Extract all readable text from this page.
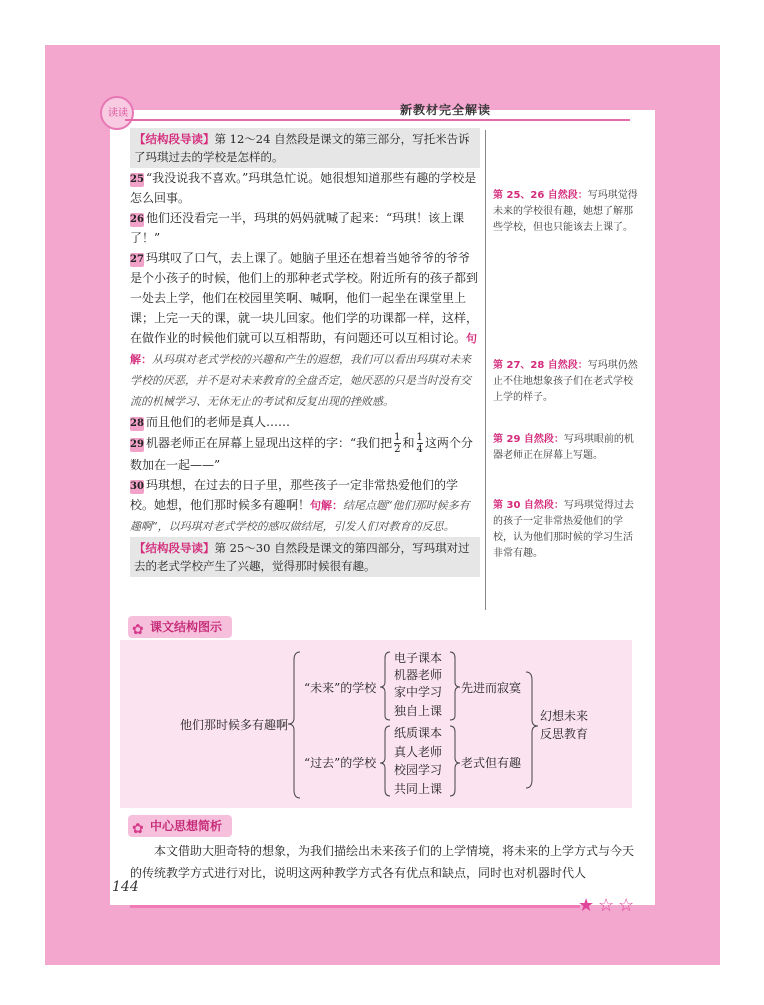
读读	新教材完全解读

【结构段导读】第 12～24 自然段是课文的第三部分，写托米告诉了玛琪过去的学校是怎样的。

25 “我没说我不喜欢。”玛琪急忙说。她很想知道那些有趣的学校是怎么回事。

26 他们还没看完一半，玛琪的妈妈就喊了起来：“玛琪！该上课了！”

27 玛琪叹了口气，去上课了。她脑子里还在想着当她爷爷的爷爷是个小孩子的时候，他们上的那种老式学校。附近所有的孩子都到一处去上学，他们在校园里笑啊、喊啊，他们一起坐在课堂里上课；上完一天的课，就一块儿回家。他们学的功课都一样，这样，在做作业的时候他们就可以互相帮助，有问题还可以互相讨论。句解：从玛琪对老式学校的兴趣和产生的遐想，我们可以看出玛琪对未来学校的厌恶，并不是对未来教育的全盘否定，她厌恶的只是当时没有交流的机械学习、无休无止的考试和反复出现的挫败感。

28 而且他们的老师是真人……

29 机器老师正在屏幕上显现出这样的字：“我们把 $\frac{1}{2}$ 和 $\frac{1}{4}$ 这两个分数加在一起——”

30 玛琪想，在过去的日子里，那些孩子一定非常热爱他们的学校。她想，他们那时候多有趣啊！句解：结尾点题“他们那时候多有趣啊”，以玛琪对老式学校的感叹做结尾，引发人们对教育的反思。

【结构段导读】第 25～30 自然段是课文的第四部分，写玛琪对过去的老式学校产生了兴趣，觉得那时候很有趣。

第 25、26 自然段：写玛琪觉得未来的学校很有趣，她想了解那些学校，但也只能该去上课了。
第 27、28 自然段：写玛琪仍然止不住地想象孩子们在老式学校上学的样子。
第 29 自然段：写玛琪眼前的机器老师正在屏幕上写题。
第 30 自然段：写玛琪觉得过去的孩子一定非常热爱他们的学校，认为他们那时候的学习生活非常有趣。
✿ 课文结构图示
他们那时候多有趣啊
“未来”的学校
电子课本
机器老师
家中学习
独自上课
先进而寂寞
“过去”的学校
纸质课本
真人老师
校园学习
共同上课
老式但有趣
幻想未来
反思教育
✿ 中心思想简析
本文借助大胆奇特的想象，为我们描绘出未来孩子们的上学情境，将未来的上学方式与今天的传统教学方式进行对比，说明这两种教学方式各有优点和缺点，同时也对机器时代人
144
★ ☆ ☆
